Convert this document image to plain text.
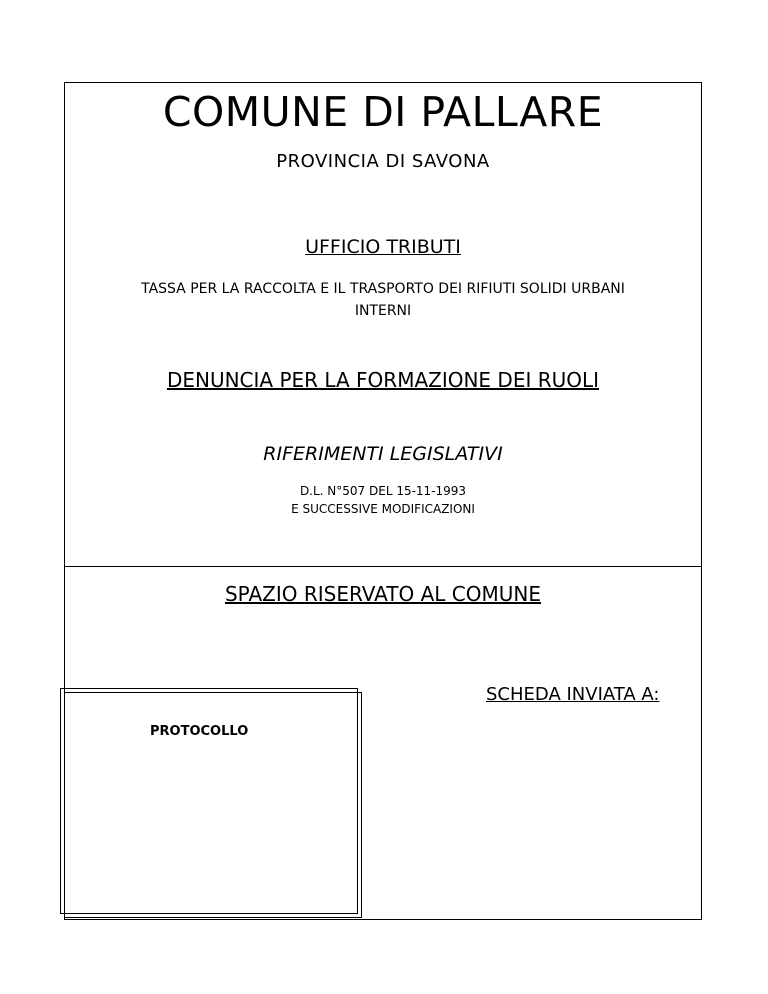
COMUNE DI PALLARE
PROVINCIA DI SAVONA
UFFICIO TRIBUTI
TASSA PER LA RACCOLTA E IL TRASPORTO DEI RIFIUTI SOLIDI URBANI
INTERNI
DENUNCIA PER LA FORMAZIONE DEI RUOLI
RIFERIMENTI LEGISLATIVI
D.L. N°507 DEL 15-11-1993
E SUCCESSIVE MODIFICAZIONI
SPAZIO RISERVATO AL COMUNE
SCHEDA INVIATA A:
PROTOCOLLO
